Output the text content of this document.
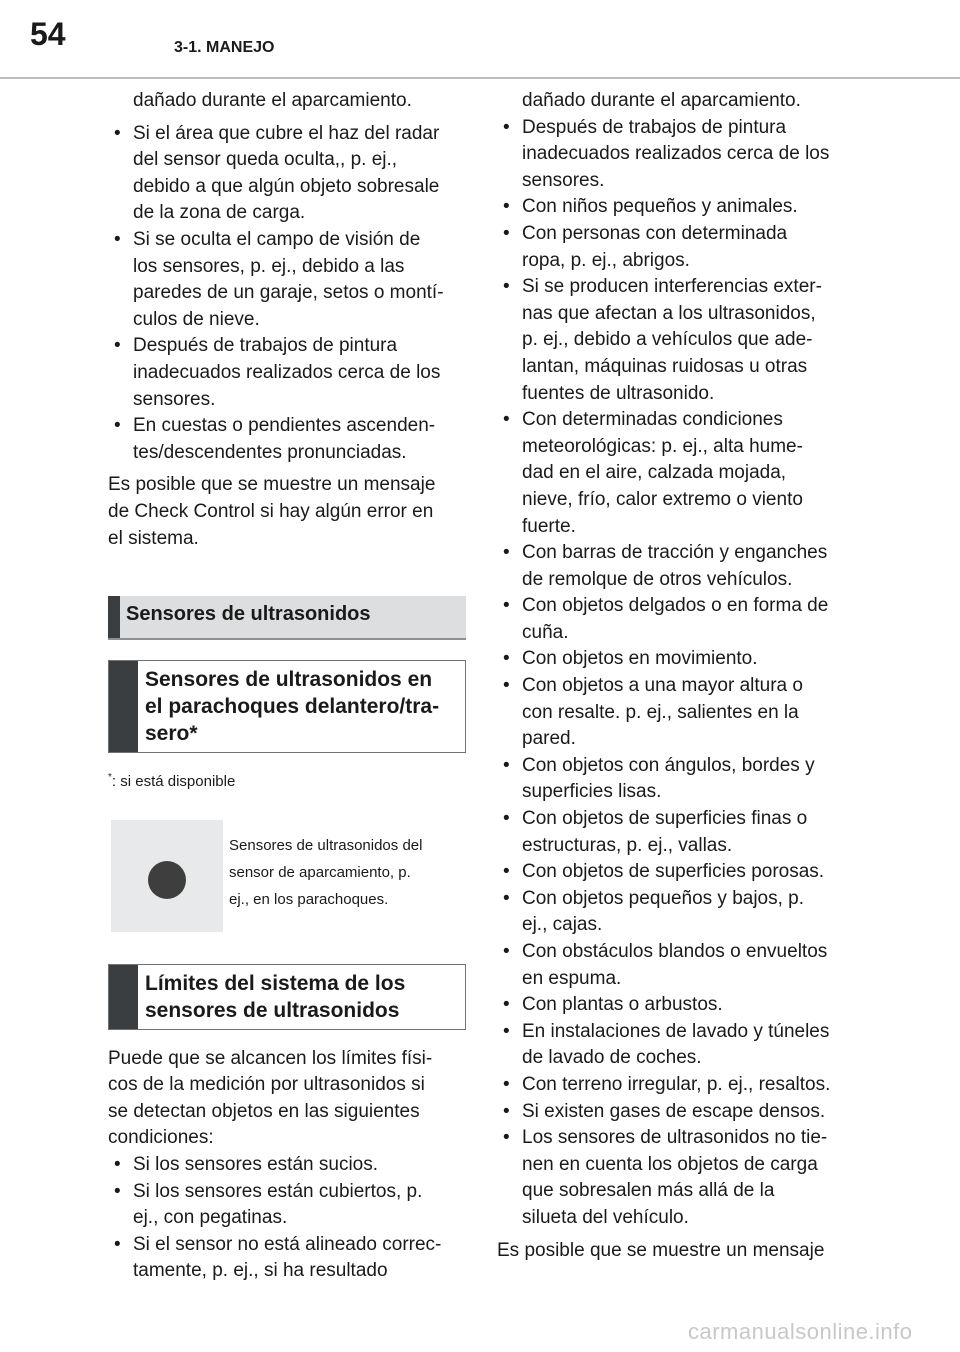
54	3-1. MANEJO

dañado durante el aparcamiento.

• Si el área que cubre el haz del radar
del sensor queda oculta,, p. ej.,
debido a que algún objeto sobresale
de la zona de carga.
• Si se oculta el campo de visión de
los sensores, p. ej., debido a las
paredes de un garaje, setos o montí-
culos de nieve.
• Después de trabajos de pintura
inadecuados realizados cerca de los
sensores.
• En cuestas o pendientes ascenden-
tes/descendentes pronunciadas.

Es posible que se muestre un mensaje
de Check Control si hay algún error en
el sistema.

Sensores de ultrasonidos
Sensores de ultrasonidos en
el parachoques delantero/tra-
sero*

*: si está disponible

Sensores de ultrasonidos del
sensor de aparcamiento, p.
ej., en los parachoques.
Límites del sistema de los
sensores de ultrasonidos

Puede que se alcancen los límites físi-
cos de la medición por ultrasonidos si
se detectan objetos en las siguientes
condiciones:

• Si los sensores están sucios.
• Si los sensores están cubiertos, p.
ej., con pegatinas.
• Si el sensor no está alineado correc-
tamente, p. ej., si ha resultado

dañado durante el aparcamiento.

• Después de trabajos de pintura
inadecuados realizados cerca de los
sensores.
• Con niños pequeños y animales.
• Con personas con determinada
ropa, p. ej., abrigos.
• Si se producen interferencias exter-
nas que afectan a los ultrasonidos,
p. ej., debido a vehículos que ade-
lantan, máquinas ruidosas u otras
fuentes de ultrasonido.
• Con determinadas condiciones
meteorológicas: p. ej., alta hume-
dad en el aire, calzada mojada,
nieve, frío, calor extremo o viento
fuerte.
• Con barras de tracción y enganches
de remolque de otros vehículos.
• Con objetos delgados o en forma de
cuña.
• Con objetos en movimiento.
• Con objetos a una mayor altura o
con resalte. p. ej., salientes en la
pared.
• Con objetos con ángulos, bordes y
superficies lisas.
• Con objetos de superficies finas o
estructuras, p. ej., vallas.
• Con objetos de superficies porosas.
• Con objetos pequeños y bajos, p.
ej., cajas.
• Con obstáculos blandos o envueltos
en espuma.
• Con plantas o arbustos.
• En instalaciones de lavado y túneles
de lavado de coches.
• Con terreno irregular, p. ej., resaltos.
• Si existen gases de escape densos.
• Los sensores de ultrasonidos no tie-
nen en cuenta los objetos de carga
que sobresalen más allá de la
silueta del vehículo.

Es posible que se muestre un mensaje

carmanualsonline.info
